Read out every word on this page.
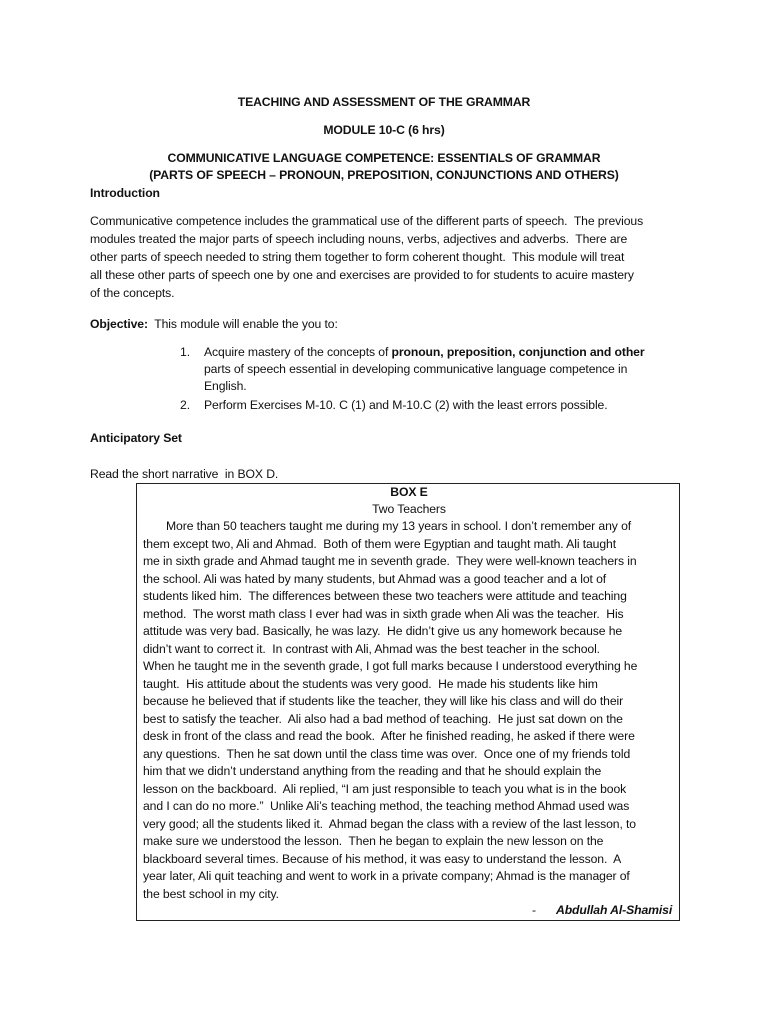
TEACHING AND ASSESSMENT OF THE GRAMMAR
MODULE 10-C (6 hrs)
COMMUNICATIVE LANGUAGE COMPETENCE: ESSENTIALS OF GRAMMAR
(PARTS OF SPEECH – PRONOUN, PREPOSITION, CONJUNCTIONS AND OTHERS)
Introduction
Communicative competence includes the grammatical use of the different parts of speech.  The previous
modules treated the major parts of speech including nouns, verbs, adjectives and adverbs.  There are
other parts of speech needed to string them together to form coherent thought.  This module will treat
all these other parts of speech one by one and exercises are provided to for students to acuire mastery
of the concepts.
Objective:  This module will enable the you to:
1. Acquire mastery of the concepts of pronoun, preposition, conjunction and other
parts of speech essential in developing communicative language competence in
English.
2. Perform Exercises M-10. C (1) and M-10.C (2) with the least errors possible.
Anticipatory Set
Read the short narrative  in BOX D.
BOX E
Two Teachers
More than 50 teachers taught me during my 13 years in school. I don’t remember any of
them except two, Ali and Ahmad.  Both of them were Egyptian and taught math. Ali taught
me in sixth grade and Ahmad taught me in seventh grade.  They were well-known teachers in
the school. Ali was hated by many students, but Ahmad was a good teacher and a lot of
students liked him.  The differences between these two teachers were attitude and teaching
method.  The worst math class I ever had was in sixth grade when Ali was the teacher.  His
attitude was very bad. Basically, he was lazy.  He didn’t give us any homework because he
didn’t want to correct it.  In contrast with Ali, Ahmad was the best teacher in the school.
When he taught me in the seventh grade, I got full marks because I understood everything he
taught.  His attitude about the students was very good.  He made his students like him
because he believed that if students like the teacher, they will like his class and will do their
best to satisfy the teacher.  Ali also had a bad method of teaching.  He just sat down on the
desk in front of the class and read the book.  After he finished reading, he asked if there were
any questions.  Then he sat down until the class time was over.  Once one of my friends told
him that we didn’t understand anything from the reading and that he should explain the
lesson on the backboard.  Ali replied, “I am just responsible to teach you what is in the book
and I can do no more.”  Unlike Ali’s teaching method, the teaching method Ahmad used was
very good; all the students liked it.  Ahmad began the class with a review of the last lesson, to
make sure we understood the lesson.  Then he began to explain the new lesson on the
blackboard several times. Because of his method, it was easy to understand the lesson.  A
year later, Ali quit teaching and went to work in a private company; Ahmad is the manager of
the best school in my city.
- Abdullah Al-Shamisi
